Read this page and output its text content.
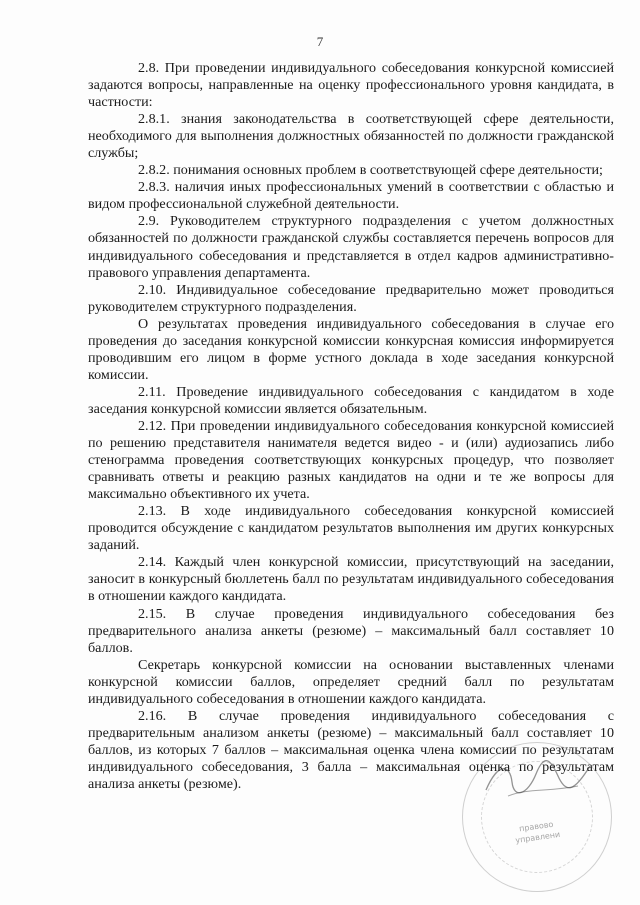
7

2.8. При проведении индивидуального собеседования конкурсной комиссией задаются вопросы, направленные на оценку профессионального уровня кандидата, в частности:

2.8.1. знания законодательства в соответствующей сфере деятельности, необходимого для выполнения должностных обязанностей по должности гражданской службы;

2.8.2. понимания основных проблем в соответствующей сфере деятельности;

2.8.3. наличия иных профессиональных умений в соответствии с областью и видом профессиональной служебной деятельности.

2.9. Руководителем структурного подразделения с учетом должностных обязанностей по должности гражданской службы составляется перечень вопросов для индивидуального собеседования и представляется в отдел кадров административно-правового управления департамента.

2.10. Индивидуальное собеседование предварительно может проводиться руководителем структурного подразделения.

О результатах проведения индивидуального собеседования в случае его проведения до заседания конкурсной комиссии конкурсная комиссия информируется проводившим его лицом в форме устного доклада в ходе заседания конкурсной комиссии.

2.11. Проведение индивидуального собеседования с кандидатом в ходе заседания конкурсной комиссии является обязательным.

2.12. При проведении индивидуального собеседования конкурсной комиссией по решению представителя нанимателя ведется видео - и (или) аудиозапись либо стенограмма проведения соответствующих конкурсных процедур, что позволяет сравнивать ответы и реакцию разных кандидатов на одни и те же вопросы для максимально объективного их учета.

2.13. В ходе индивидуального собеседования конкурсной комиссией проводится обсуждение с кандидатом результатов выполнения им других конкурсных заданий.

2.14. Каждый член конкурсной комиссии, присутствующий на заседании, заносит в конкурсный бюллетень балл по результатам индивидуального собеседования в отношении каждого кандидата.

2.15. В случае проведения индивидуального собеседования без предварительного анализа анкеты (резюме) – максимальный балл составляет 10 баллов.

Секретарь конкурсной комиссии на основании выставленных членами конкурсной комиссии баллов, определяет средний балл по результатам индивидуального собеседования в отношении каждого кандидата.

2.16. В случае проведения индивидуального собеседования с предварительным анализом анкеты (резюме) – максимальный балл составляет 10 баллов, из которых 7 баллов – максимальная оценка члена комиссии по результатам индивидуального собеседования, 3 балла – максимальная оценка по результатам анализа анкеты (резюме).

правово
управлени
